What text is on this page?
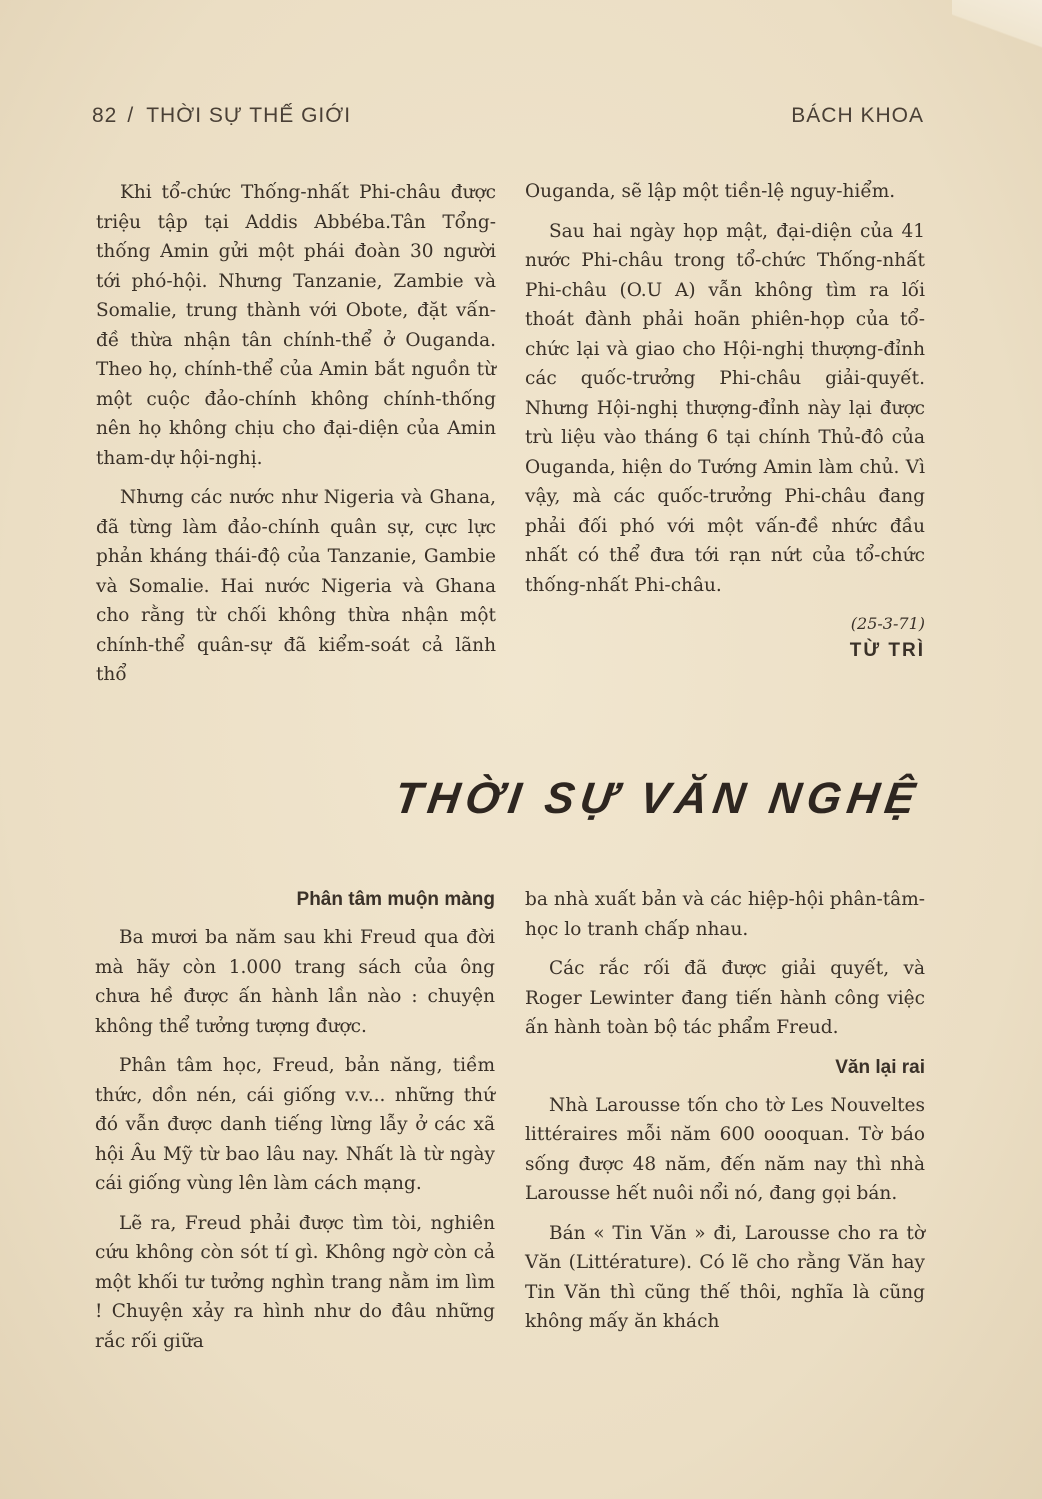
82 / THỜI SỰ THẾ GIỚI	BÁCH KHOA

Khi tổ-chức Thống-nhất Phi-châu được triệu tập tại Addis Abbéba.Tân Tổng-thống Amin gửi một phái đoàn 30 người tới phó-hội. Nhưng Tanzanie, Zambie và Somalie, trung thành với Obote, đặt vấn-đề thừa nhận tân chính-thể ở Ouganda. Theo họ, chính-thể của Amin bắt nguồn từ một cuộc đảo-chính không chính-thống nên họ không chịu cho đại-diện của Amin tham-dự hội-nghị.

Nhưng các nước như Nigeria và Ghana, đã từng làm đảo-chính quân sự, cực lực phản kháng thái-độ của Tanzanie, Gambie và Somalie. Hai nước Nigeria và Ghana cho rằng từ chối không thừa nhận một chính-thể quân-sự đã kiểm-soát cả lãnh thổ

Ouganda, sẽ lập một tiền-lệ nguy-hiểm.

Sau hai ngày họp mật, đại-diện của 41 nước Phi-châu trong tổ-chức Thống-nhất Phi-châu (O.U A) vẫn không tìm ra lối thoát đành phải hoãn phiên-họp của tổ-chức lại và giao cho Hội-nghị thượng-đỉnh các quốc-trưởng Phi-châu giải-quyết. Nhưng Hội-nghị thượng-đỉnh này lại được trù liệu vào tháng 6 tại chính Thủ-đô của Ouganda, hiện do Tướng Amin làm chủ. Vì vậy, mà các quốc-trưởng Phi-châu đang phải đối phó với một vấn-đề nhức đầu nhất có thể đưa tới rạn nứt của tổ-chức thống-nhất Phi-châu.

(25-3-71)
TỪ TRÌ
THỜI SỰ VĂN NGHỆ
Phân tâm muộn màng

Ba mươi ba năm sau khi Freud qua đời mà hãy còn 1.000 trang sách của ông chưa hề được ấn hành lần nào : chuyện không thể tưởng tượng được.

Phân tâm học, Freud, bản năng, tiềm thức, dồn nén, cái giống v.v... những thứ đó vẫn được danh tiếng lừng lẫy ở các xã hội Âu Mỹ từ bao lâu nay. Nhất là từ ngày cái giống vùng lên làm cách mạng.

Lẽ ra, Freud phải được tìm tòi, nghiên cứu không còn sót tí gì. Không ngờ còn cả một khối tư tưởng nghìn trang nằm im lìm ! Chuyện xảy ra hình như do đâu những rắc rối giữa

ba nhà xuất bản và các hiệp-hội phân-tâm-học lo tranh chấp nhau.

Các rắc rối đã được giải quyết, và Roger Lewinter đang tiến hành công việc ấn hành toàn bộ tác phẩm Freud.

Văn lại rai

Nhà Larousse tốn cho tờ Les Nouveltes littéraires mỗi năm 600 oooquan. Tờ báo sống được 48 năm, đến năm nay thì nhà Larousse hết nuôi nổi nó, đang gọi bán.

Bán « Tin Văn » đi, Larousse cho ra tờ Văn (Littérature). Có lẽ cho rằng Văn hay Tin Văn thì cũng thế thôi, nghĩa là cũng không mấy ăn khách
